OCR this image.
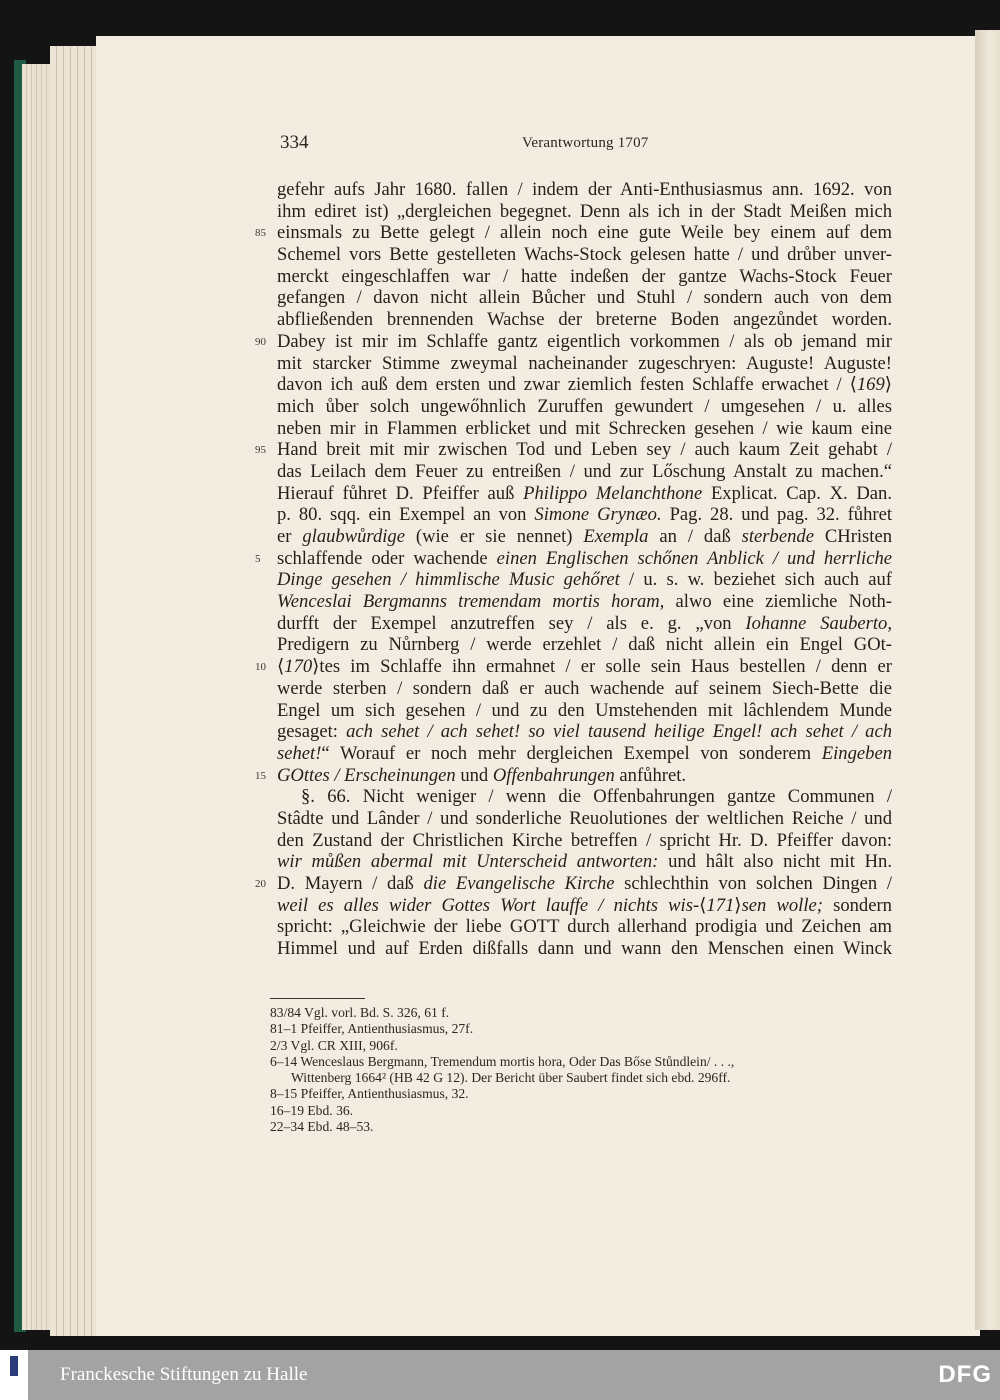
334	Verantwortung 1707
gefehr aufs Jahr 1680. fallen / indem der Anti-Enthusiasmus ann. 1692. von
ihm ediret ist) „dergleichen begegnet. Denn als ich in der Stadt Meißen mich
85 einsmals zu Bette gelegt / allein noch eine gute Weile bey einem auf dem
Schemel vors Bette gestelleten Wachs-Stock gelesen hatte / und drůber unver-
merckt eingeschlaffen war / hatte indeßen der gantze Wachs-Stock Feuer
gefangen / davon nicht allein Bůcher und Stuhl / sondern auch von dem
abfließenden brennenden Wachse der breterne Boden angezůndet worden.
90 Dabey ist mir im Schlaffe gantz eigentlich vorkommen / als ob jemand mir
mit starcker Stimme zweymal nacheinander zugeschryen: Auguste! Auguste!
davon ich auß dem ersten und zwar ziemlich festen Schlaffe erwachet / ⟨169⟩
mich ůber solch ungewőhnlich Zuruffen gewundert / umgesehen / u. alles
neben mir in Flammen erblicket und mit Schrecken gesehen / wie kaum eine
95 Hand breit mit mir zwischen Tod und Leben sey / auch kaum Zeit gehabt /
das Leilach dem Feuer zu entreißen / und zur Lőschung Anstalt zu machen.“
Hierauf fůhret D. Pfeiffer auß Philippo Melanchthone Explicat. Cap. X. Dan.
p. 80. sqq. ein Exempel an von Simone Grynæo. Pag. 28. und pag. 32. fůhret
er glaubwůrdige (wie er sie nennet) Exempla an / daß sterbende CHristen
5 schlaffende oder wachende einen Englischen schőnen Anblick / und herrliche
Dinge gesehen / himmlische Music gehőret / u. s. w. beziehet sich auch auf
Wenceslai Bergmanns tremendam mortis horam, alwo eine ziemliche Noth-
durfft der Exempel anzutreffen sey / als e. g. „von Iohanne Sauberto,
Predigern zu Nůrnberg / werde erzehlet / daß nicht allein ein Engel GOt-
10 ⟨170⟩tes im Schlaffe ihn ermahnet / er solle sein Haus bestellen / denn er
werde sterben / sondern daß er auch wachende auf seinem Siech-Bette die
Engel um sich gesehen / und zu den Umstehenden mit lâchlendem Munde
gesaget: ach sehet / ach sehet! so viel tausend heilige Engel! ach sehet / ach
sehet!“ Worauf er noch mehr dergleichen Exempel von sonderem Eingeben
15 GOttes / Erscheinungen und Offenbahrungen anfůhret.
§. 66. Nicht weniger / wenn die Offenbahrungen gantze Communen /
Stâdte und Lânder / und sonderliche Reuolutiones der weltlichen Reiche / und
den Zustand der Christlichen Kirche betreffen / spricht Hr. D. Pfeiffer davon:
wir můßen abermal mit Unterscheid antworten: und hâlt also nicht mit Hn.
20 D. Mayern / daß die Evangelische Kirche schlechthin von solchen Dingen /
weil es alles wider Gottes Wort lauffe / nichts wis-⟨171⟩sen wolle; sondern
spricht: „Gleichwie der liebe GOTT durch allerhand prodigia und Zeichen am
Himmel und auf Erden dißfalls dann und wann den Menschen einen Winck
83/84 Vgl. vorl. Bd. S. 326, 61 f.
81–1 Pfeiffer, Antienthusiasmus, 27f.
2/3 Vgl. CR XIII, 906f.
6–14 Wenceslaus Bergmann, Tremendum mortis hora, Oder Das Bőse Stůndlein/ . . .,
Wittenberg 1664² (HB 42 G 12). Der Bericht über Saubert findet sich ebd. 296ff.
8–15 Pfeiffer, Antienthusiasmus, 32.
16–19 Ebd. 36.
22–34 Ebd. 48–53.
Franckesche Stiftungen zu Halle	DFG
